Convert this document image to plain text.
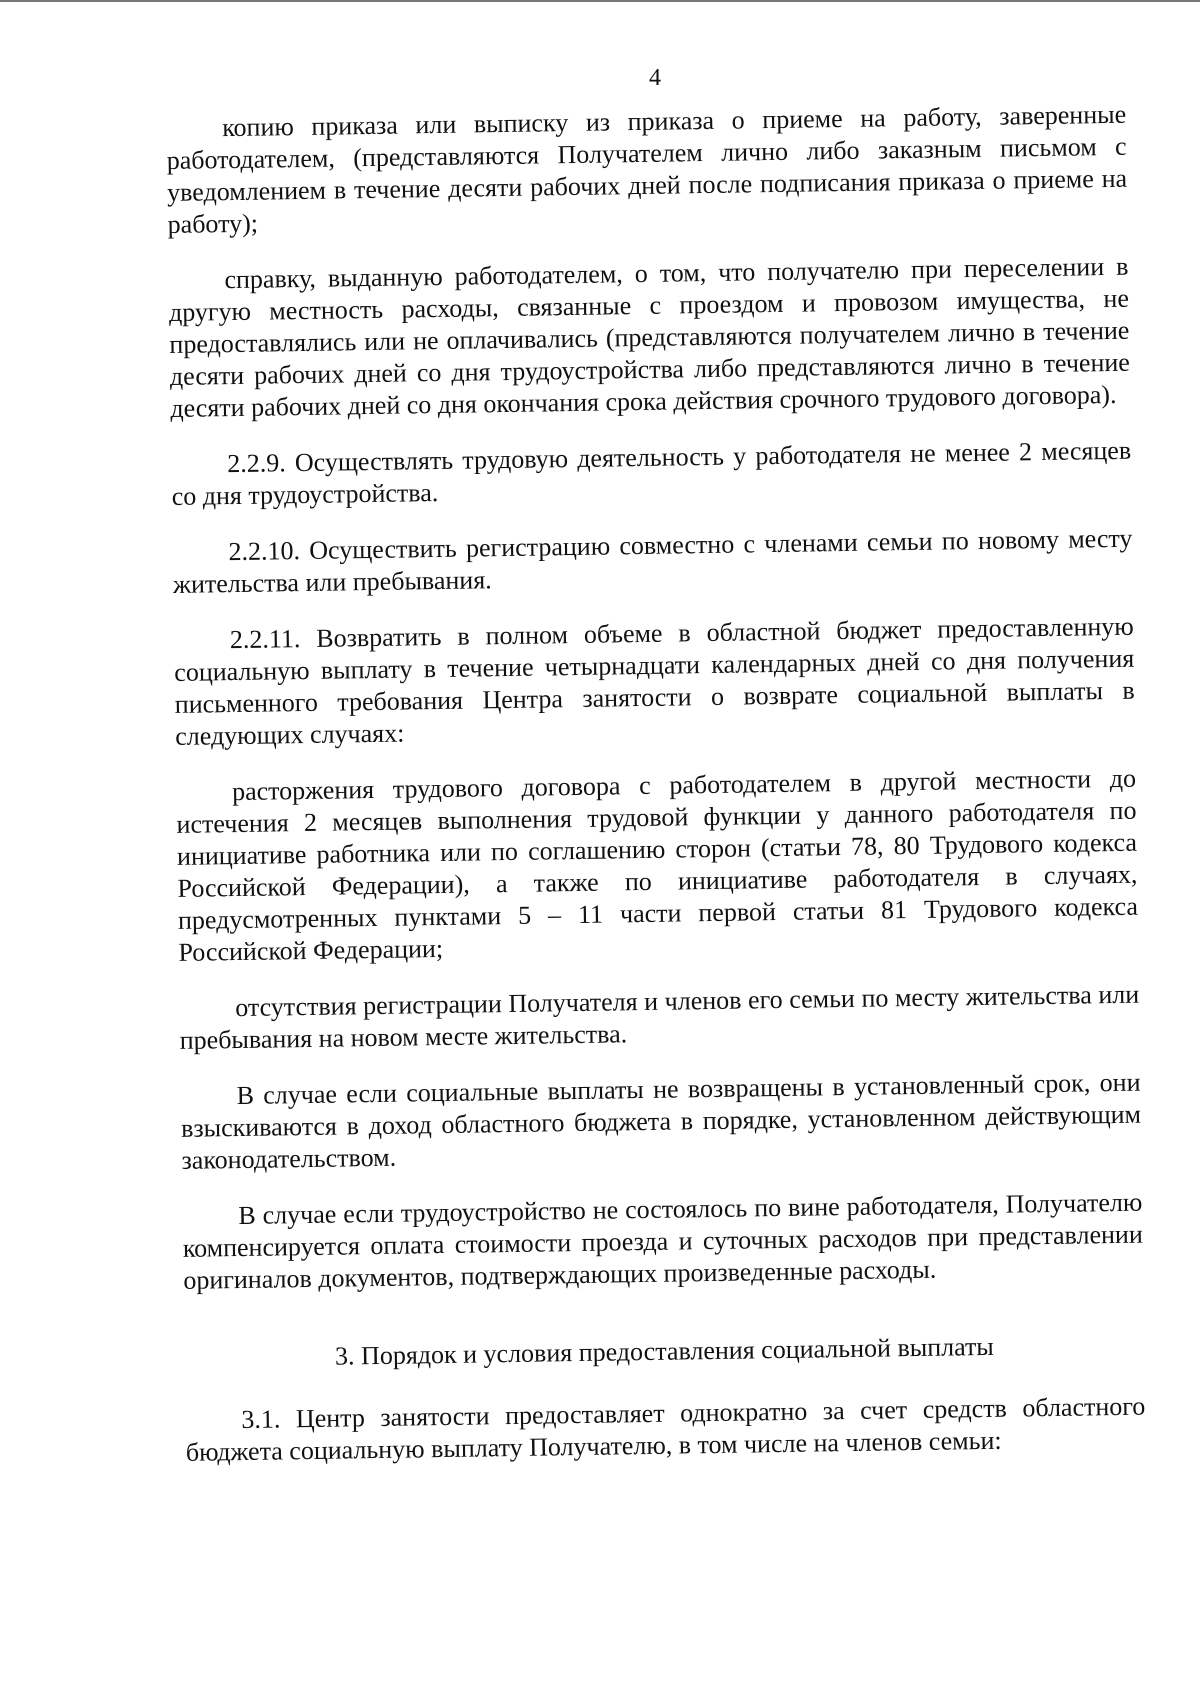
4

копию приказа или выписку из приказа о приеме на работу, заверенные работодателем, (представляются Получателем лично либо заказным письмом с уведомлением в течение десяти рабочих дней после подписания приказа о приеме на работу);

справку, выданную работодателем, о том, что получателю при переселении в другую местность расходы, связанные с проездом и провозом имущества, не предоставлялись или не оплачивались (представляются получателем лично в течение десяти рабочих дней со дня трудоустройства либо представляются лично в течение десяти рабочих дней со дня окончания срока действия срочного трудового договора).

2.2.9. Осуществлять трудовую деятельность у работодателя не менее 2 месяцев со дня трудоустройства.

2.2.10. Осуществить регистрацию совместно с членами семьи по новому месту жительства или пребывания.

2.2.11. Возвратить в полном объеме в областной бюджет предоставленную социальную выплату в течение четырнадцати календарных дней со дня получения письменного требования Центра занятости о возврате социальной выплаты в следующих случаях:

расторжения трудового договора с работодателем в другой местности до истечения 2 месяцев выполнения трудовой функции у данного работодателя по инициативе работника или по соглашению сторон (статьи 78, 80 Трудового кодекса Российской Федерации), а также по инициативе работодателя в случаях, предусмотренных пунктами 5 – 11 части первой статьи 81 Трудового кодекса Российской Федерации;

отсутствия регистрации Получателя и членов его семьи по месту жительства или пребывания на новом месте жительства.

В случае если социальные выплаты не возвращены в установленный срок, они взыскиваются в доход областного бюджета в порядке, установленном действующим законодательством.

В случае если трудоустройство не состоялось по вине работодателя, Получателю компенсируется оплата стоимости проезда и суточных расходов при представлении оригиналов документов, подтверждающих произведенные расходы.

3. Порядок и условия предоставления социальной выплаты

3.1. Центр занятости предоставляет однократно за счет средств областного бюджета социальную выплату Получателю, в том числе на членов семьи:
